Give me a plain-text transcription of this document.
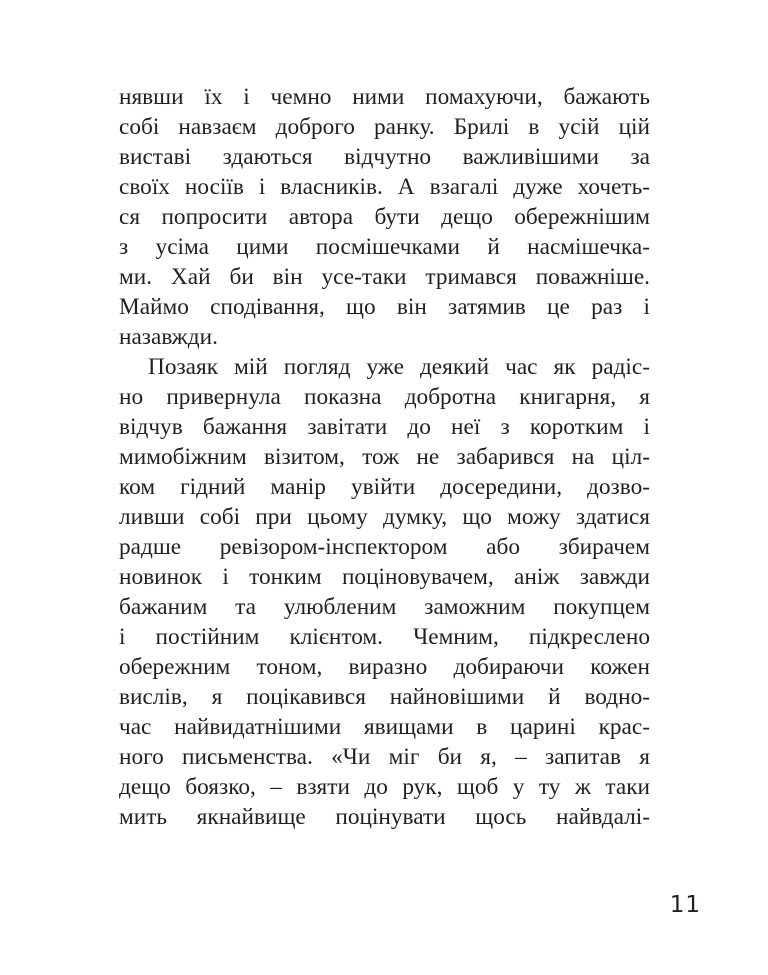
нявши їх і чемно ними помахуючи, бажають
собі навзаєм доброго ранку. Брилі в усій цій
виставі здаються відчутно важливішими за
своїх носіїв і власників. А взагалі дуже хочеть-
ся попросити автора бути дещо обережнішим
з усіма цими посмішечками й насмішечка-
ми. Хай би він усе-таки тримався поважніше.
Маймо сподівання, що він затямив це раз і
назавжди.
Позаяк мій погляд уже деякий час як радіс-
но привернула показна добротна книгарня, я
відчув бажання завітати до неї з коротким і
мимобіжним візитом, тож не забарився на цiл-
ком гідний манір увійти досередини, дозво-
ливши собі при цьому думку, що можу здатися
радше ревізором-інспектором або збирачем
новинок і тонким поціновувачем, аніж завжди
бажаним та улюбленим заможним покупцем
і постійним клієнтом. Чемним, підкреслено
обережним тоном, виразно добираючи кожен
вислів, я поцікавився найновішими й водно-
час найвидатнішими явищами в царині крас-
ного письменства. «Чи міг би я, – запитав я
дещо боязко, – взяти до рук, щоб у ту ж таки
мить якнайвище поцінувати щось найвдалі-
11
